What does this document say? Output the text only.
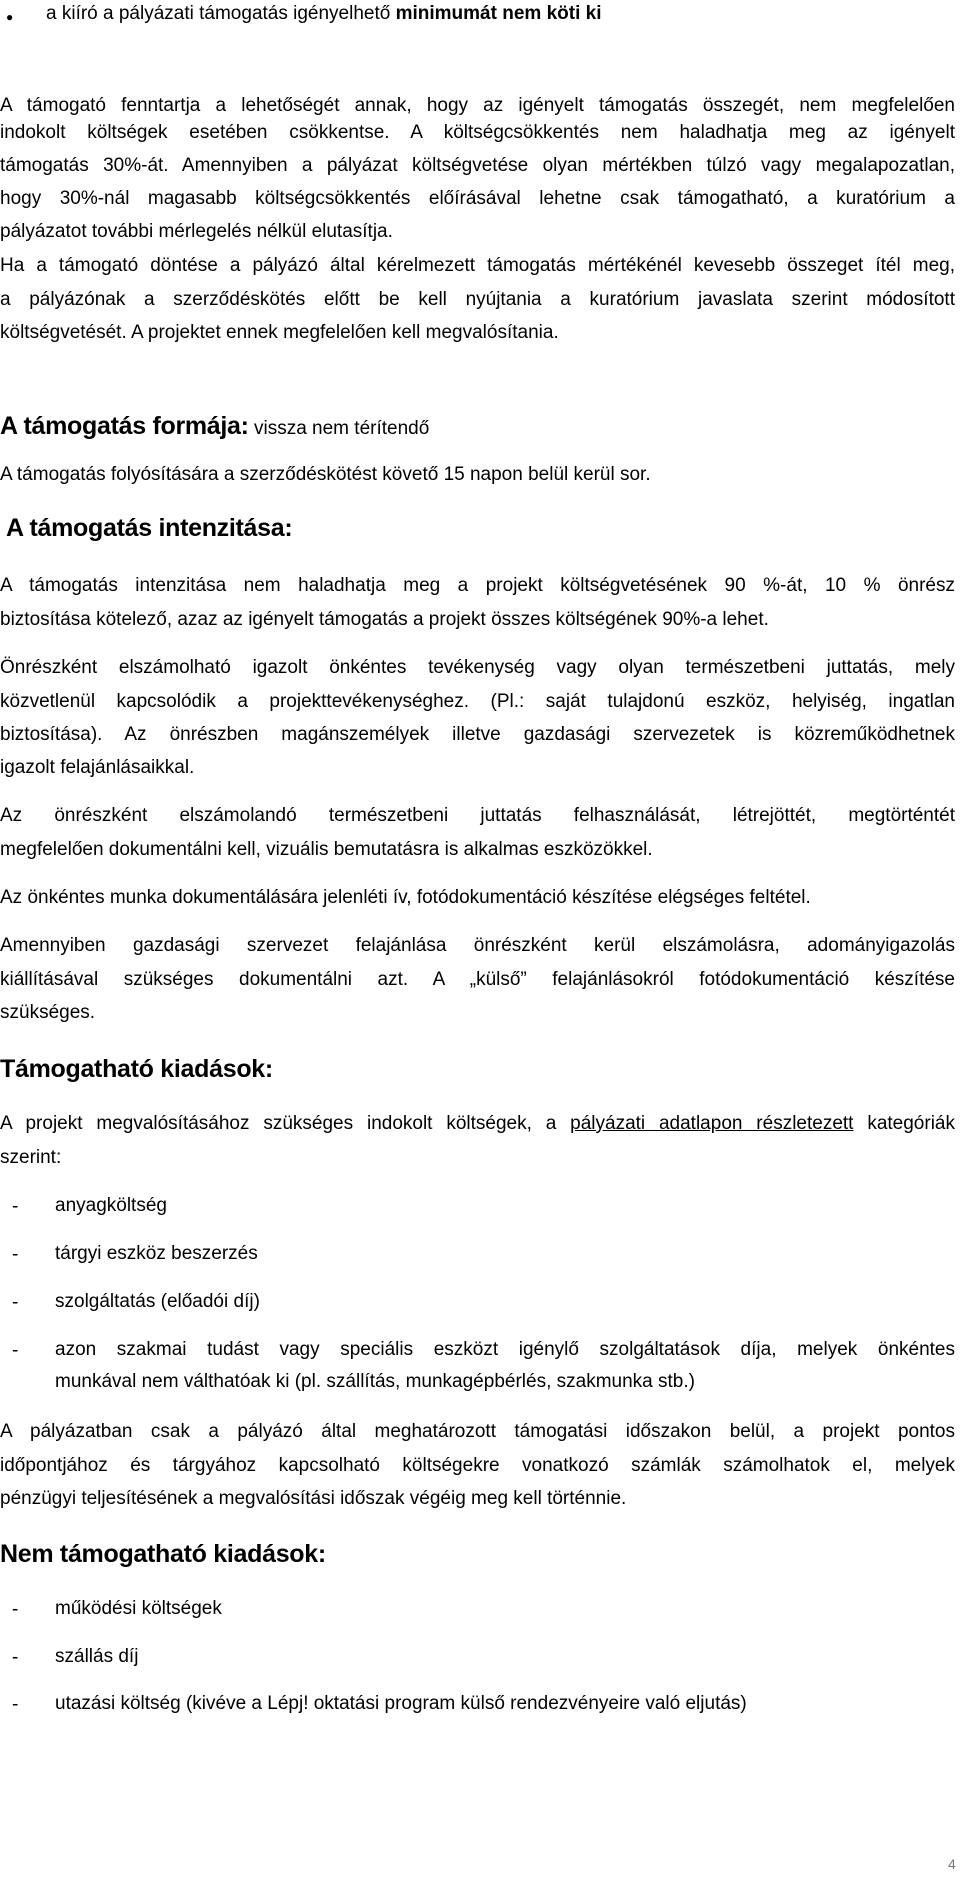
● a kiíró a pályázati támogatás igényelhető minimumát nem köti ki
A támogató fenntartja a lehetőségét annak, hogy az igényelt támogatás összegét, nem megfelelően
indokolt költségek esetében csökkentse. A költségcsökkentés nem haladhatja meg az igényelt
támogatás 30%-át. Amennyiben a pályázat költségvetése olyan mértékben túlzó vagy megalapozatlan,
hogy 30%-nál magasabb költségcsökkentés előírásával lehetne csak támogatható, a kuratórium a
pályázatot további mérlegelés nélkül elutasítja.
Ha a támogató döntése a pályázó által kérelmezett támogatás mértékénél kevesebb összeget ítél meg,
a pályázónak a szerződéskötés előtt be kell nyújtania a kuratórium javaslata szerint módosított
költségvetését. A projektet ennek megfelelően kell megvalósítania.
A támogatás formája: vissza nem térítendő
A támogatás folyósítására a szerződéskötést követő 15 napon belül kerül sor.
A támogatás intenzitása:
A támogatás intenzitása nem haladhatja meg a projekt költségvetésének 90 %-át, 10 % önrész
biztosítása kötelező, azaz az igényelt támogatás a projekt összes költségének 90%-a lehet.
Önrészként elszámolható igazolt önkéntes tevékenység vagy olyan természetbeni juttatás, mely
közvetlenül kapcsolódik a projekttevékenységhez. (Pl.: saját tulajdonú eszköz, helyiség, ingatlan
biztosítása). Az önrészben magánszemélyek illetve gazdasági szervezetek is közreműködhetnek
igazolt felajánlásaikkal.
Az önrészként elszámolandó természetbeni juttatás felhasználását, létrejöttét, megtörténtét
megfelelően dokumentálni kell, vizuális bemutatásra is alkalmas eszközökkel.
Az önkéntes munka dokumentálására jelenléti ív, fotódokumentáció készítése elégséges feltétel.
Amennyiben gazdasági szervezet felajánlása önrészként kerül elszámolásra, adományigazolás
kiállításával szükséges dokumentálni azt. A „külső” felajánlásokról fotódokumentáció készítése
szükséges.
Támogatható kiadások:
A projekt megvalósításához szükséges indokolt költségek, a pályázati adatlapon részletezett kategóriák
szerint:
- anyagköltség
- tárgyi eszköz beszerzés
- szolgáltatás (előadói díj)
- azon szakmai tudást vagy speciális eszközt igénylő szolgáltatások díja, melyek önkéntes
munkával nem válthatóak ki (pl. szállítás, munkagépbérlés, szakmunka stb.)
A pályázatban csak a pályázó által meghatározott támogatási időszakon belül, a projekt pontos
időpontjához és tárgyához kapcsolható költségekre vonatkozó számlák számolhatok el, melyek
pénzügyi teljesítésének a megvalósítási időszak végéig meg kell történnie.
Nem támogatható kiadások:
- működési költségek
- szállás díj
- utazási költség (kivéve a Lépj! oktatási program külső rendezvényeire való eljutás)
4
